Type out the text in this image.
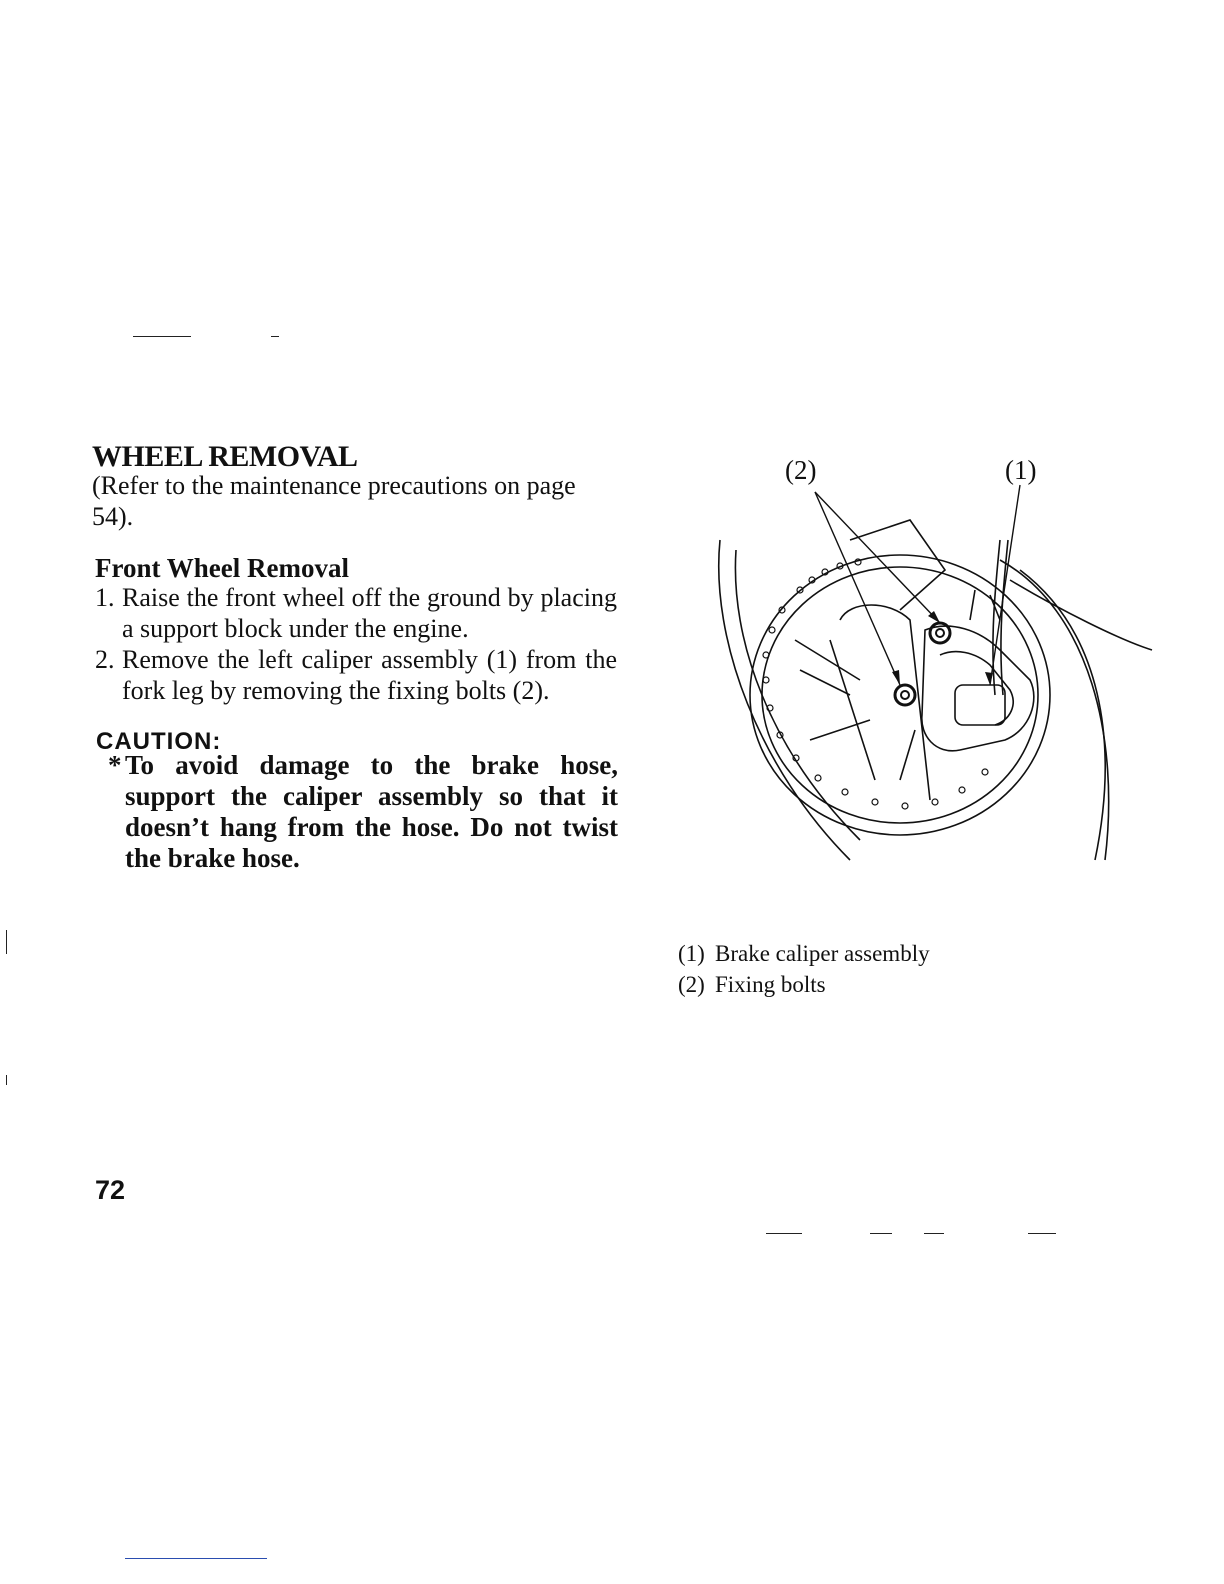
WHEEL REMOVAL
(Refer to the maintenance precautions on page 54).
Front Wheel Removal
1. Raise the front wheel off the ground by placing a support block under the engine.
2. Remove the left caliper assembly (1) from the fork leg by removing the fixing bolts (2).
CAUTION:
* To avoid damage to the brake hose, support the caliper assembly so that it doesn’t hang from the hose. Do not twist the brake hose.
(2)	(1)
(1) Brake caliper assembly
(2) Fixing bolts
72
